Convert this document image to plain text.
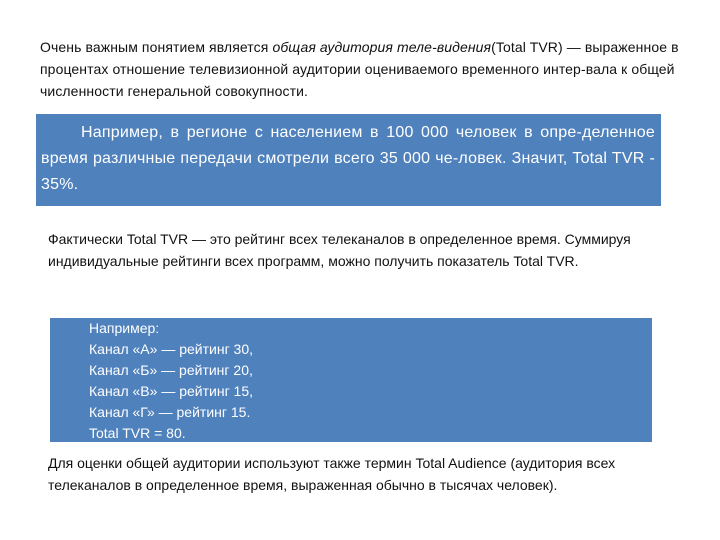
Очень важным понятием является общая аудитория теле-видения(Total TVR) — выраженное в процентах отношение телевизионной аудитории оцениваемого временного интер-вала к общей численности генеральной совокупности.

Например, в регионе с населением в 100 000 человек в опре-деленное время различные передачи смотрели всего 35 000 че-ловек. Значит, Total TVR - 35%.

Фактически Total TVR — это рейтинг всех телеканалов в определенное время. Суммируя индивидуальные рейтинги всех программ, можно получить показатель Total TVR.

Например:
Канал «А» — рейтинг 30,
Канал «Б» — рейтинг 20,
Канал «В» — рейтинг 15,
Канал «Г» — рейтинг 15.
Total TVR = 80.

Для оценки общей аудитории используют также термин Total Audience (аудитория всех телеканалов в определенное время, выраженная обычно в тысячах человек).
